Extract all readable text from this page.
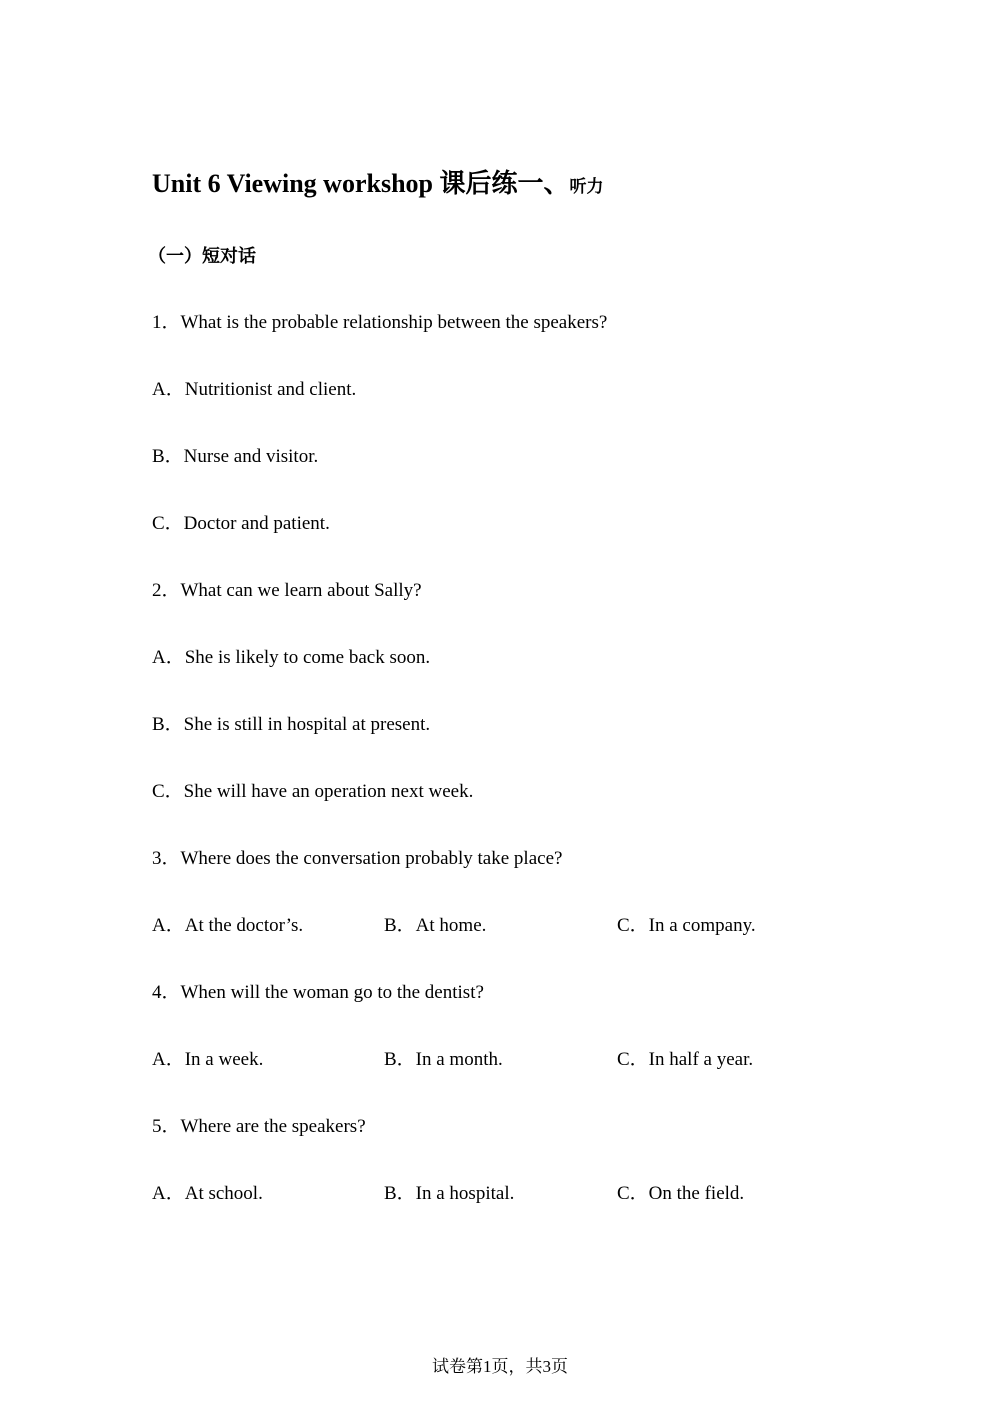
Unit 6 Viewing workshop 课后练一、听力
（一）短对话
1．What is the probable relationship between the speakers?
A．Nutritionist and client.
B．Nurse and visitor.
C．Doctor and patient.
2．What can we learn about Sally?
A．She is likely to come back soon.
B．She is still in hospital at present.
C．She will have an operation next week.
3．Where does the conversation probably take place?
A．At the doctor’s.	B．At home.	C．In a company.
4．When will the woman go to the dentist?
A．In a week.	B．In a month.	C．In half a year.
5．Where are the speakers?
A．At school.	B．In a hospital.	C．On the field.
试卷第1页，共3页
